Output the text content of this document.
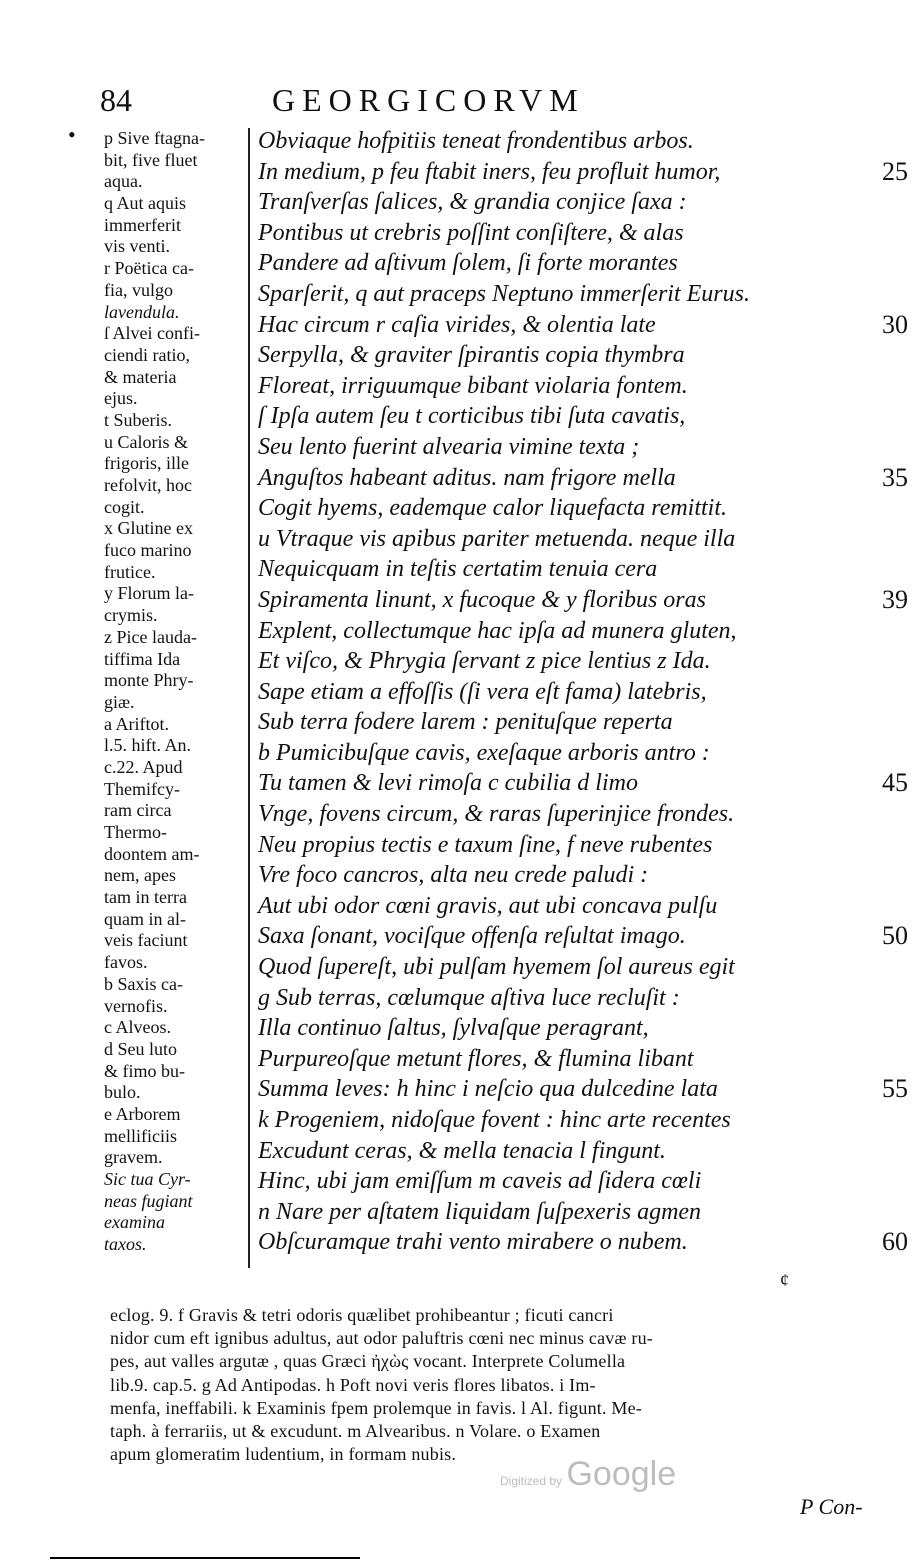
84	GEORGICORVM
• p Sive ftagna-
bit, five fluet
aqua.
q Aut aquis
immerferit
vis venti.
r Poëtica ca-
fia, vulgo
lavendula.
ſ Alvei confi-
ciendi ratio,
& materia
ejus.
t Suberis.
u Caloris &
frigoris, ille
refolvit, hoc
cogit.
x Glutine ex
fuco marino
frutice.
y Florum la-
crymis.
z Pice lauda-
tiffima Ida
monte Phry-
giæ.
a Ariftot.
l.5. hift. An.
c.22. Apud
Themifcy-
ram circa
Thermo-
doontem am-
nem, apes
tam in terra
quam in al-
veis faciunt
favos.
b Saxis ca-
vernofis.
c Alveos.
d Seu luto
& fimo bu-
bulo.
e Arborem
mellificiis
gravem.
Sic tua Cyr-
neas fugiant
examina
taxos.
Obviaque hofpitiis teneat frondentibus arbos.
In medium, p feu ftabit iners, feu profluit humor,	25
Tranſverſas ſalices, & grandia conjice ſaxa :
Pontibus ut crebris poſſint conſiſtere, & alas
Pandere ad aſtivum ſolem, ſi forte morantes
Sparſerit, q aut praceps Neptuno immerſerit Eurus.
Hac circum r caſia virides, & olentia late	30
Serpylla, & graviter ſpirantis copia thymbra
Floreat, irriguumque bibant violaria fontem.
ſ Ipſa autem ſeu t corticibus tibi ſuta cavatis,
Seu lento fuerint alvearia vimine texta ;
Anguſtos habeant aditus. nam frigore mella	35
Cogit hyems, eademque calor liquefacta remittit.
u Vtraque vis apibus pariter metuenda. neque illa
Nequicquam in teſtis certatim tenuia cera
Spiramenta linunt, x fucoque & y floribus oras	39
Explent, collectumque hac ipſa ad munera gluten,
Et viſco, & Phrygia ſervant z pice lentius z Ida.
Sape etiam a effoſſis (ſi vera eſt fama) latebris,
Sub terra fodere larem : penituſque reperta
b Pumicibuſque cavis, exeſaque arboris antro :
Tu tamen & levi rimoſa c cubilia d limo	45
Vnge, fovens circum, & raras ſuperinjice frondes.
Neu propius tectis e taxum ſine, f neve rubentes
Vre foco cancros, alta neu crede paludi :
Aut ubi odor cœni gravis, aut ubi concava pulſu
Saxa ſonant, vociſque offenſa reſultat imago.	50
Quod ſupereſt, ubi pulſam hyemem ſol aureus egit
g Sub terras, cœlumque aſtiva luce recluſit :
Illa continuo ſaltus, ſylvaſque peragrant,
Purpureoſque metunt flores, & flumina libant
Summa leves: h hinc i neſcio qua dulcedine lata	55
k Progeniem, nidoſque fovent : hinc arte recentes
Excudunt ceras, & mella tenacia l fingunt.
Hinc, ubi jam emiſſum m caveis ad ſidera cœli
n Nare per aſtatem liquidam ſuſpexeris agmen
Obſcuramque trahi vento mirabere o nubem.	60
¢
eclog. 9. f Gravis & tetri odoris quælibet prohibeantur ; ficuti cancri
nidor cum eft ignibus adultus, aut odor paluftris cœni nec minus cavæ ru-
pes, aut valles argutæ , quas Græci ἠχὼς vocant. Interprete Columella
lib.9. cap.5. g Ad Antipodas. h Poft novi veris flores libatos. i Im-
menfa, ineffabili. k Examinis fpem prolemque in favis. l Al. figunt. Me-
taph. à ferrariis, ut & excudunt. m Alvearibus. n Volare. o Examen
apum glomeratim ludentium, in formam nubis.
Digitized by Google
P Con-
